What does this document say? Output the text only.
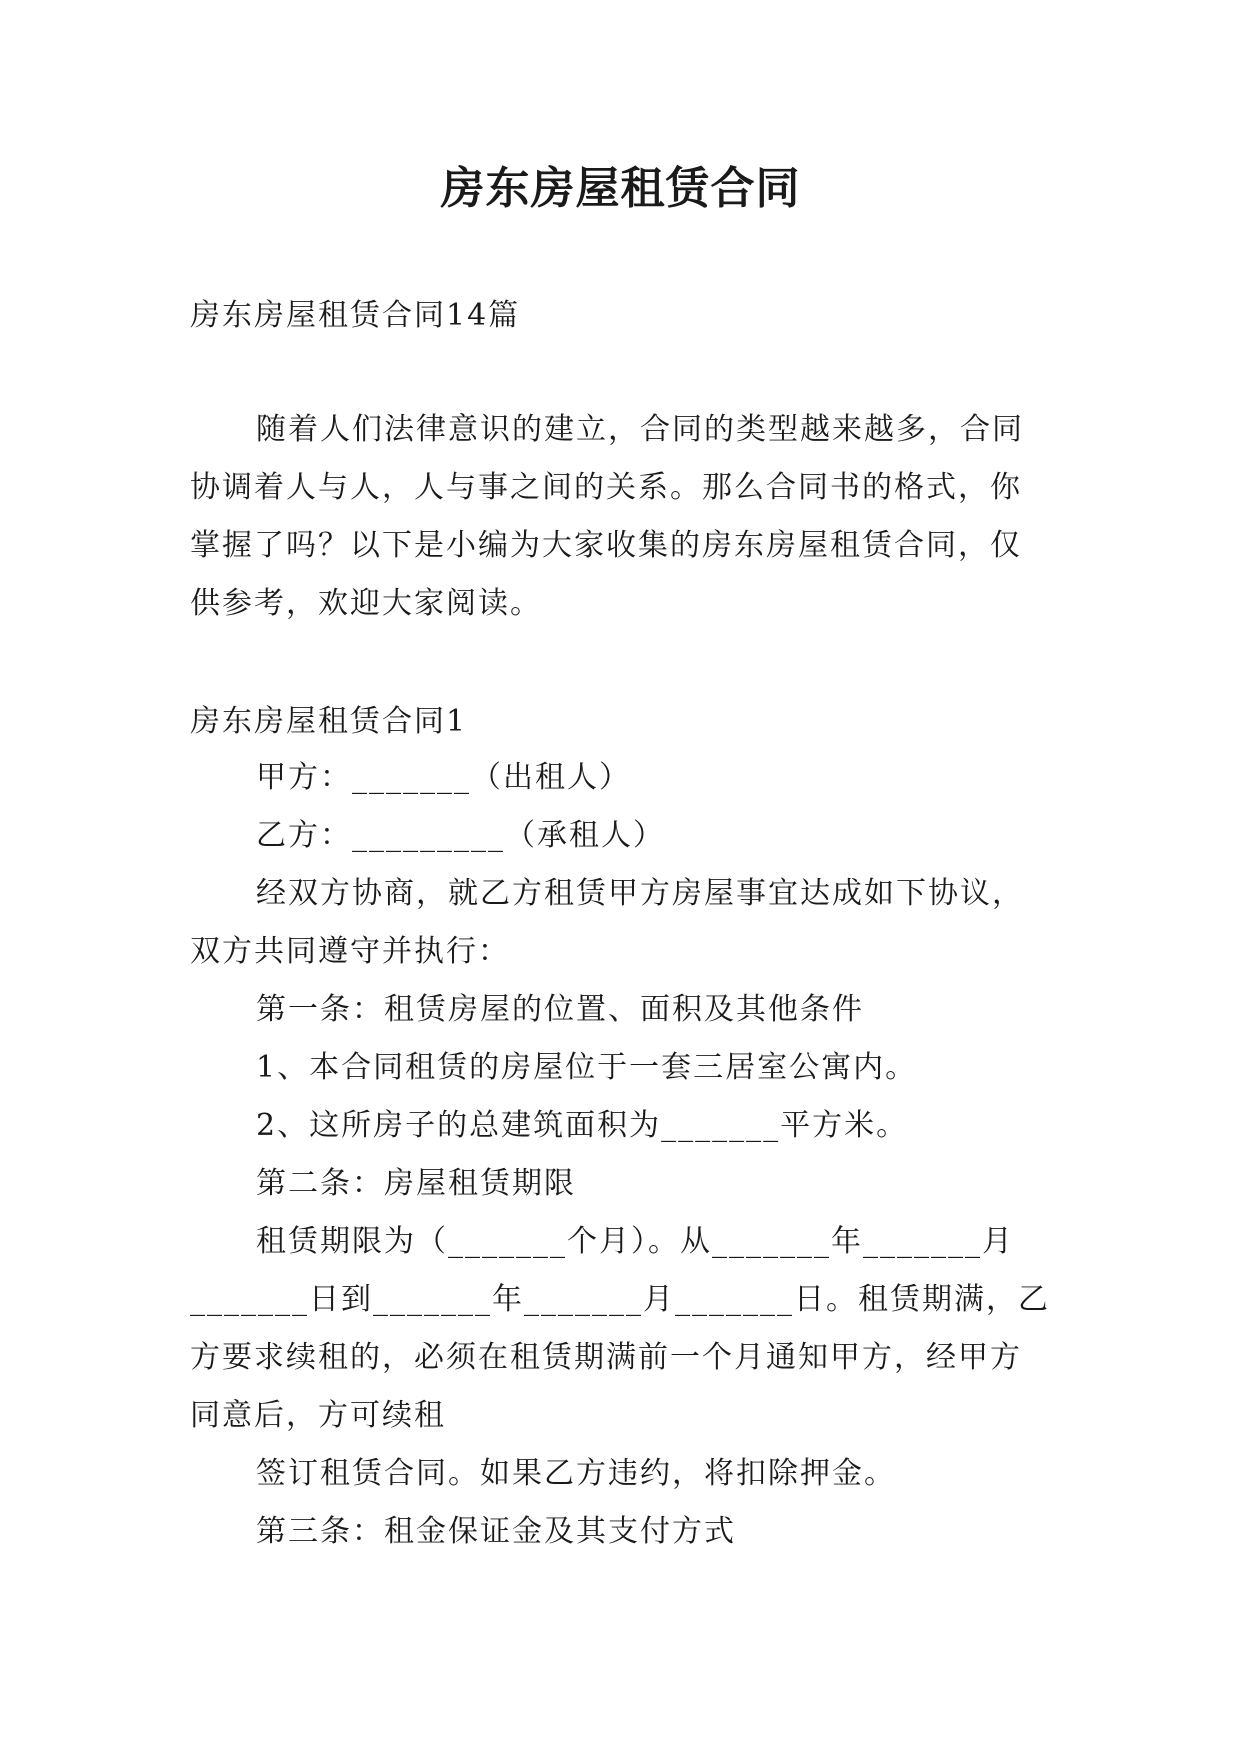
房东房屋租赁合同

房东房屋租赁合同14篇

随着人们法律意识的建立，合同的类型越来越多，合同

协调着人与人，人与事之间的关系。那么合同书的格式，你

掌握了吗？以下是小编为大家收集的房东房屋租赁合同，仅

供参考，欢迎大家阅读。

房东房屋租赁合同1

甲方：_______（出租人）

乙方：_________（承租人）

经双方协商，就乙方租赁甲方房屋事宜达成如下协议，

双方共同遵守并执行：

第一条：租赁房屋的位置、面积及其他条件

1、本合同租赁的房屋位于一套三居室公寓内。

2、这所房子的总建筑面积为_______平方米。

第二条：房屋租赁期限

租赁期限为（_______个月）。从_______年_______月

_______日到_______年_______月_______日。租赁期满，乙

方要求续租的，必须在租赁期满前一个月通知甲方，经甲方

同意后，方可续租

签订租赁合同。如果乙方违约，将扣除押金。

第三条：租金保证金及其支付方式
